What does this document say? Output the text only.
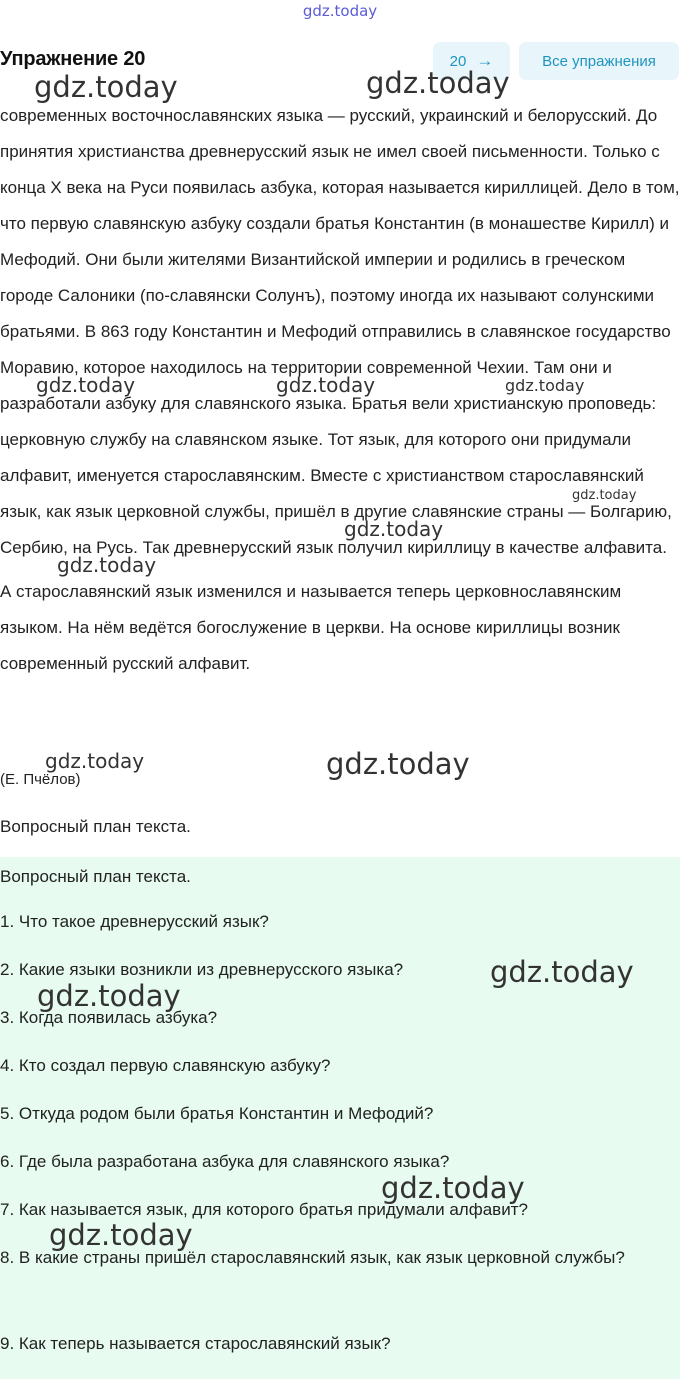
gdz.today
Упражнение 20	20 →	Все упражнения

современных восточнославянских языка — русский, украинский и белорусский. До принятия христианства древнерусский язык не имел своей письменности. Только с конца X века на Руси появилась азбука, которая называется кириллицей. Дело в том, что первую славянскую азбуку создали братья Константин (в монашестве Кирилл) и Мефодий. Они были жителями Византийской империи и родились в греческом городе Салоники (по-славянски Солунъ), поэтому иногда их называют солунскими братьями. В 863 году Константин и Мефодий отправились в славянское государство Моравию, которое находилось на территории современной Чехии. Там они и разработали азбуку для славянского языка. Братья вели христианскую проповедь: церковную службу на славянском языке. Тот язык, для которого они придумали алфавит, именуется старославянским. Вместе с христианством старославянский язык, как язык церковной службы, пришёл в другие славянские страны — Болгарию, Сербию, на Русь. Так древнерусский язык получил кириллицу в качестве алфавита.

А старославянский язык изменился и называется теперь церковнославянским языком. На нём ведётся богослужение в церкви. На основе кириллицы возник современный русский алфавит.

(Е. Пчёлов)
Вопросный план текста.
Вопросный план текста.
1. Что такое древнерусский язык?
2. Какие языки возникли из древнерусского языка?
3. Когда появилась азбука?
4. Кто создал первую славянскую азбуку?
5. Откуда родом были братья Константин и Мефодий?
6. Где была разработана азбука для славянского языка?
7. Как называется язык, для которого братья придумали алфавит?
8. В какие страны пришёл старославянский язык, как язык церковной службы?
9. Как теперь называется старославянский язык?
gdz.today	gdz.today
gdz.today	gdz.today	gdz.today
gdz.today
gdz.today
gdz.today
gdz.today	gdz.today
gdz.today
gdz.today
gdz.today
gdz.today
